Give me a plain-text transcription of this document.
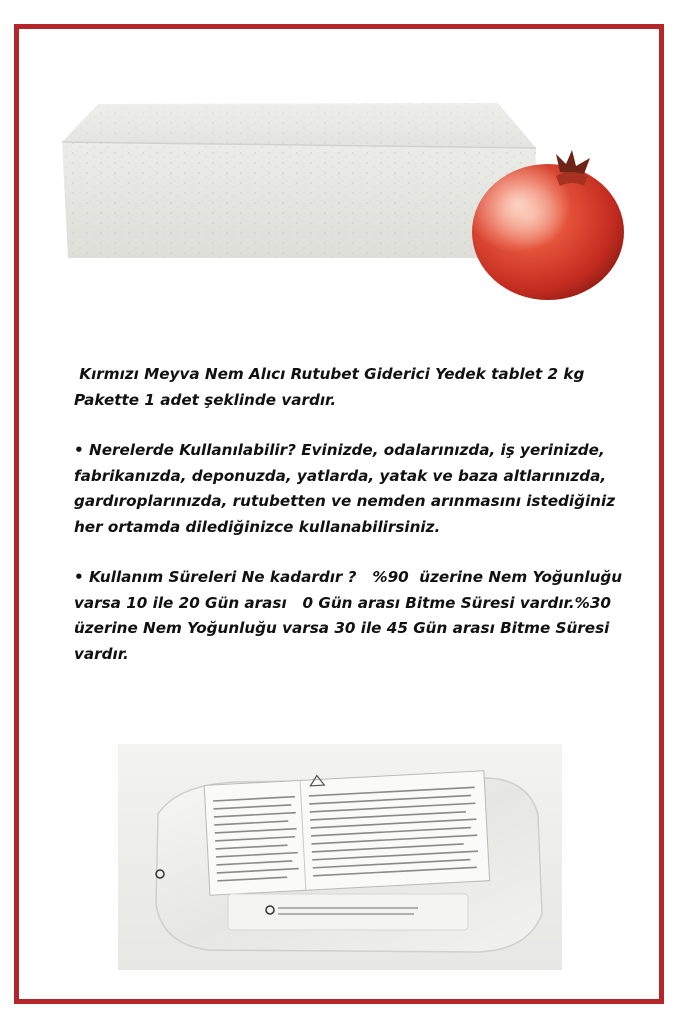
Kırmızı Meyva Nem Alıcı Rutubet Giderici Yedek tablet 2 kg Pakette 1 adet şeklinde vardır.

• Nerelerde Kullanılabilir? Evinizde, odalarınızda, iş yerinizde, fabrikanızda, deponuzda, yatlarda, yatak ve baza altlarınızda, gardıroplarınızda, rutubetten ve nemden arınmasını istediğiniz her ortamda dilediğinizce kullanabilirsiniz.

• Kullanım Süreleri Ne kadardır ?   %90  üzerine Nem Yoğunluğu varsa 10 ile 20 Gün arası   0 Gün arası Bitme Süresi vardır.%30 üzerine Nem Yoğunluğu varsa 30 ile 45 Gün arası Bitme Süresi vardır.
